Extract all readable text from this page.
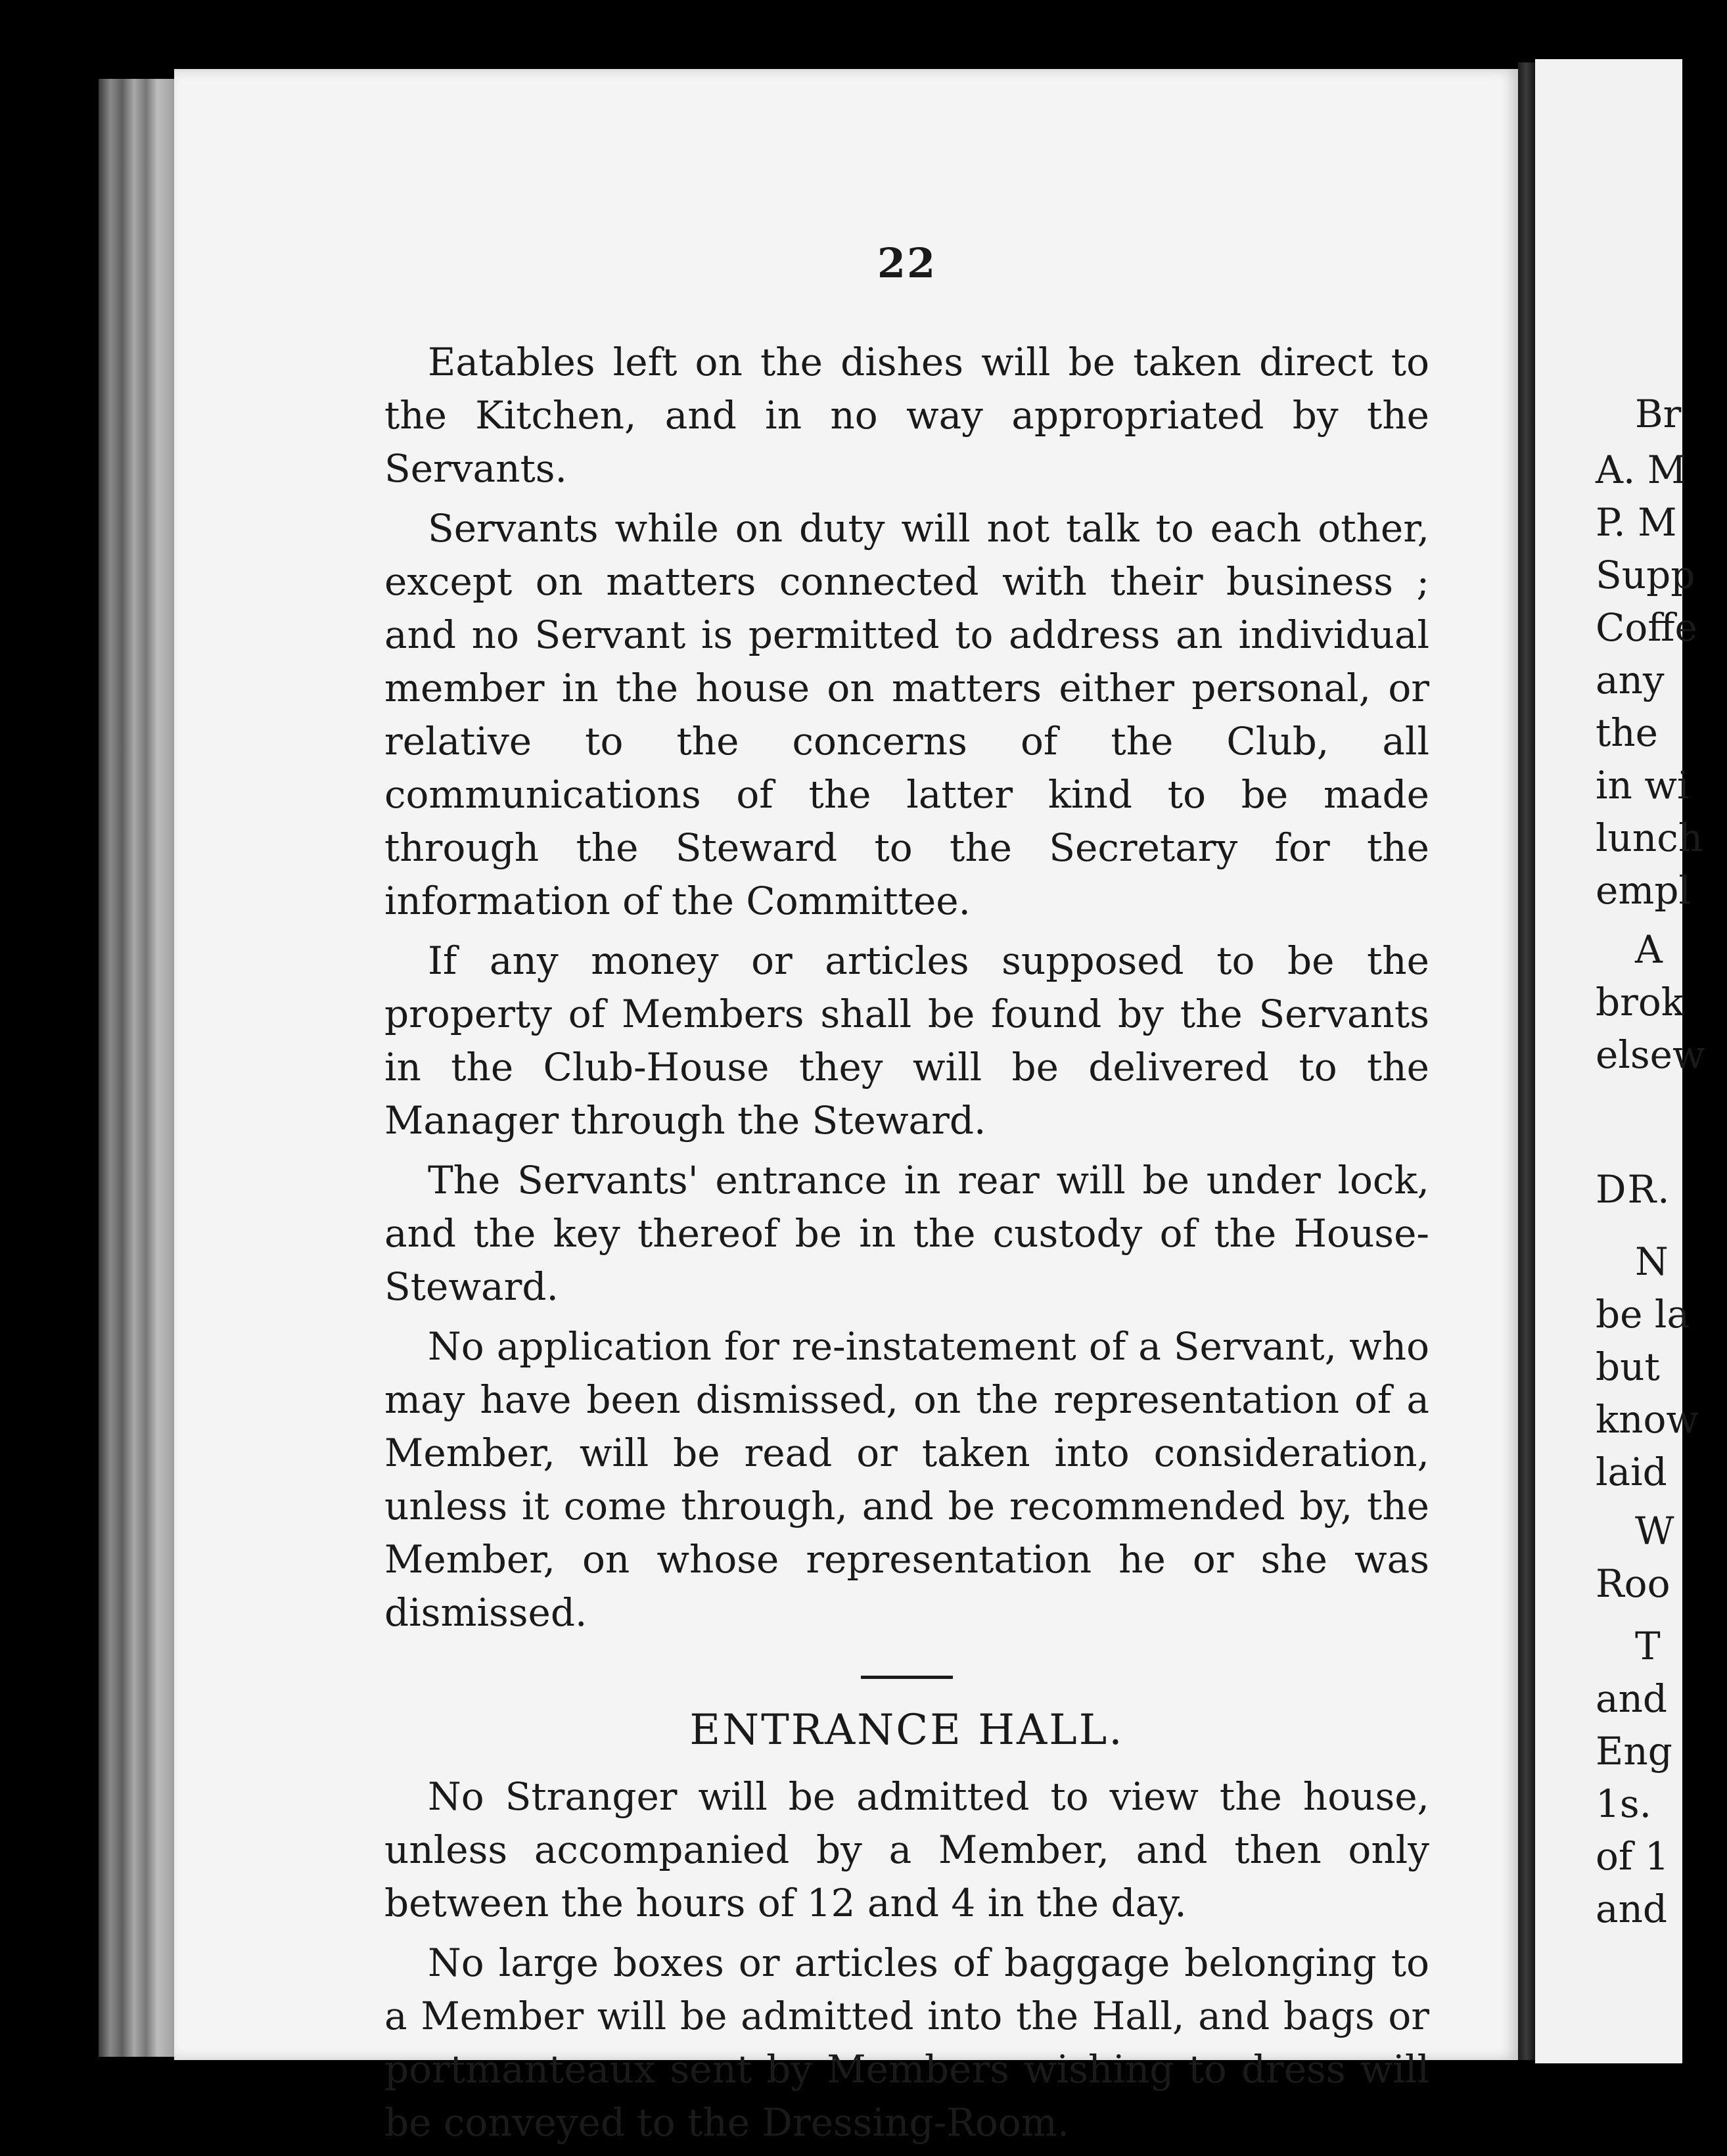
22

Eatables left on the dishes will be taken direct to the Kitchen, and in no way appropriated by the Servants.

Servants while on duty will not talk to each other, except on matters connected with their business ; and no Servant is permitted to address an individual member in the house on matters either personal, or relative to the concerns of the Club, all communications of the latter kind to be made through the Steward to the Secretary for the information of the Committee.

If any money or articles supposed to be the property of Members shall be found by the Servants in the Club-House they will be delivered to the Manager through the Steward.

The Servants' entrance in rear will be under lock, and the key thereof be in the custody of the House-Steward.

No application for re-instatement of a Servant, who may have been dismissed, on the representation of a Member, will be read or taken into consideration, unless it come through, and be recommended by, the Member, on whose representation he or she was dismissed.

ENTRANCE HALL.

No Stranger will be admitted to view the house, unless accompanied by a Member, and then only between the hours of 12 and 4 in the day.

No large boxes or articles of baggage belonging to a Member will be admitted into the Hall, and bags or portmanteaux sent by Members wishing to dress will be conveyed to the Dressing-Room.

Br
A. M
P. M
Supp
Coffe
any
the
in wi
lunch
empl
A
brok
elsew
DR.
N
be la
but
know
laid
W
Roo
T
and
Eng
1s.
of 1
and
